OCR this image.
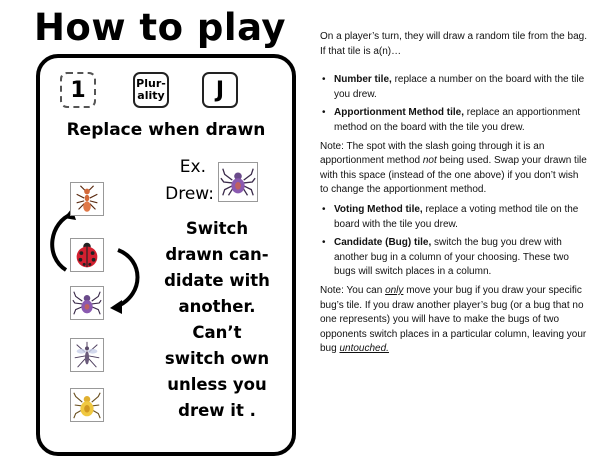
How to play
1	Plur-
ality	J
Replace when drawn
Ex.
Drew:
Switch
drawn can-
didate with
another.
Can’t
switch own
unless you
drew it .

On a player’s turn, they will draw a random tile from the bag. If that tile is a(n)…

• Number tile, replace a number on the board with the tile you drew.
• Apportionment Method tile, replace an apportionment method on the board with the tile you drew.

Note: The spot with the slash going through it is an apportionment method not being used. Swap your drawn tile with this space (instead of the one above) if you don’t wish to change the apportionment method.

• Voting Method tile, replace a voting method tile on the board with the tile you drew.
• Candidate (Bug) tile, switch the bug you drew with another bug in a column of your choosing. These two bugs will switch places in a column.

Note: You can only move your bug if you draw your specific bug’s tile. If you draw another player’s bug (or a bug that no one represents) you will have to make the bugs of two opponents switch places in a particular column, leaving your bug untouched.
